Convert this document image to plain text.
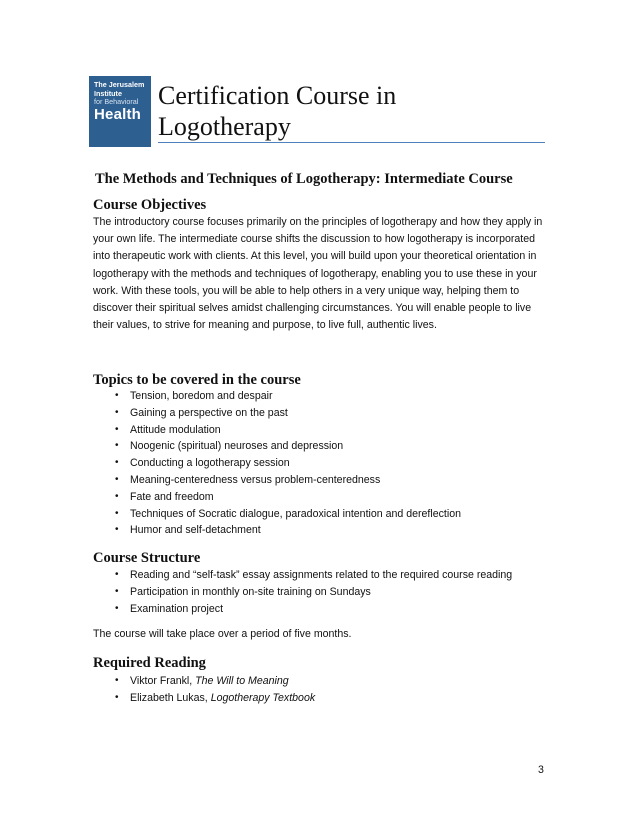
The Jerusalem
Institute
for Behavioral
Health
Certification Course in
Logotherapy
The Methods and Techniques of Logotherapy: Intermediate Course
Course Objectives
The introductory course focuses primarily on the principles of logotherapy and how they apply in your own life. The intermediate course shifts the discussion to how logotherapy is incorporated into therapeutic work with clients. At this level, you will build upon your theoretical orientation in logotherapy with the methods and techniques of logotherapy, enabling you to use these in your work. With these tools, you will be able to help others in a very unique way, helping them to discover their spiritual selves amidst challenging circumstances. You will enable people to live their values, to strive for meaning and purpose, to live full, authentic lives.
Topics to be covered in the course
• Tension, boredom and despair
• Gaining a perspective on the past
• Attitude modulation
• Noogenic (spiritual) neuroses and depression
• Conducting a logotherapy session
• Meaning-centeredness versus problem-centeredness
• Fate and freedom
• Techniques of Socratic dialogue, paradoxical intention and dereflection
• Humor and self-detachment
Course Structure
• Reading and “self-task” essay assignments related to the required course reading
• Participation in monthly on-site training on Sundays
• Examination project
The course will take place over a period of five months.
Required Reading
• Viktor Frankl, The Will to Meaning
• Elizabeth Lukas, Logotherapy Textbook
3
